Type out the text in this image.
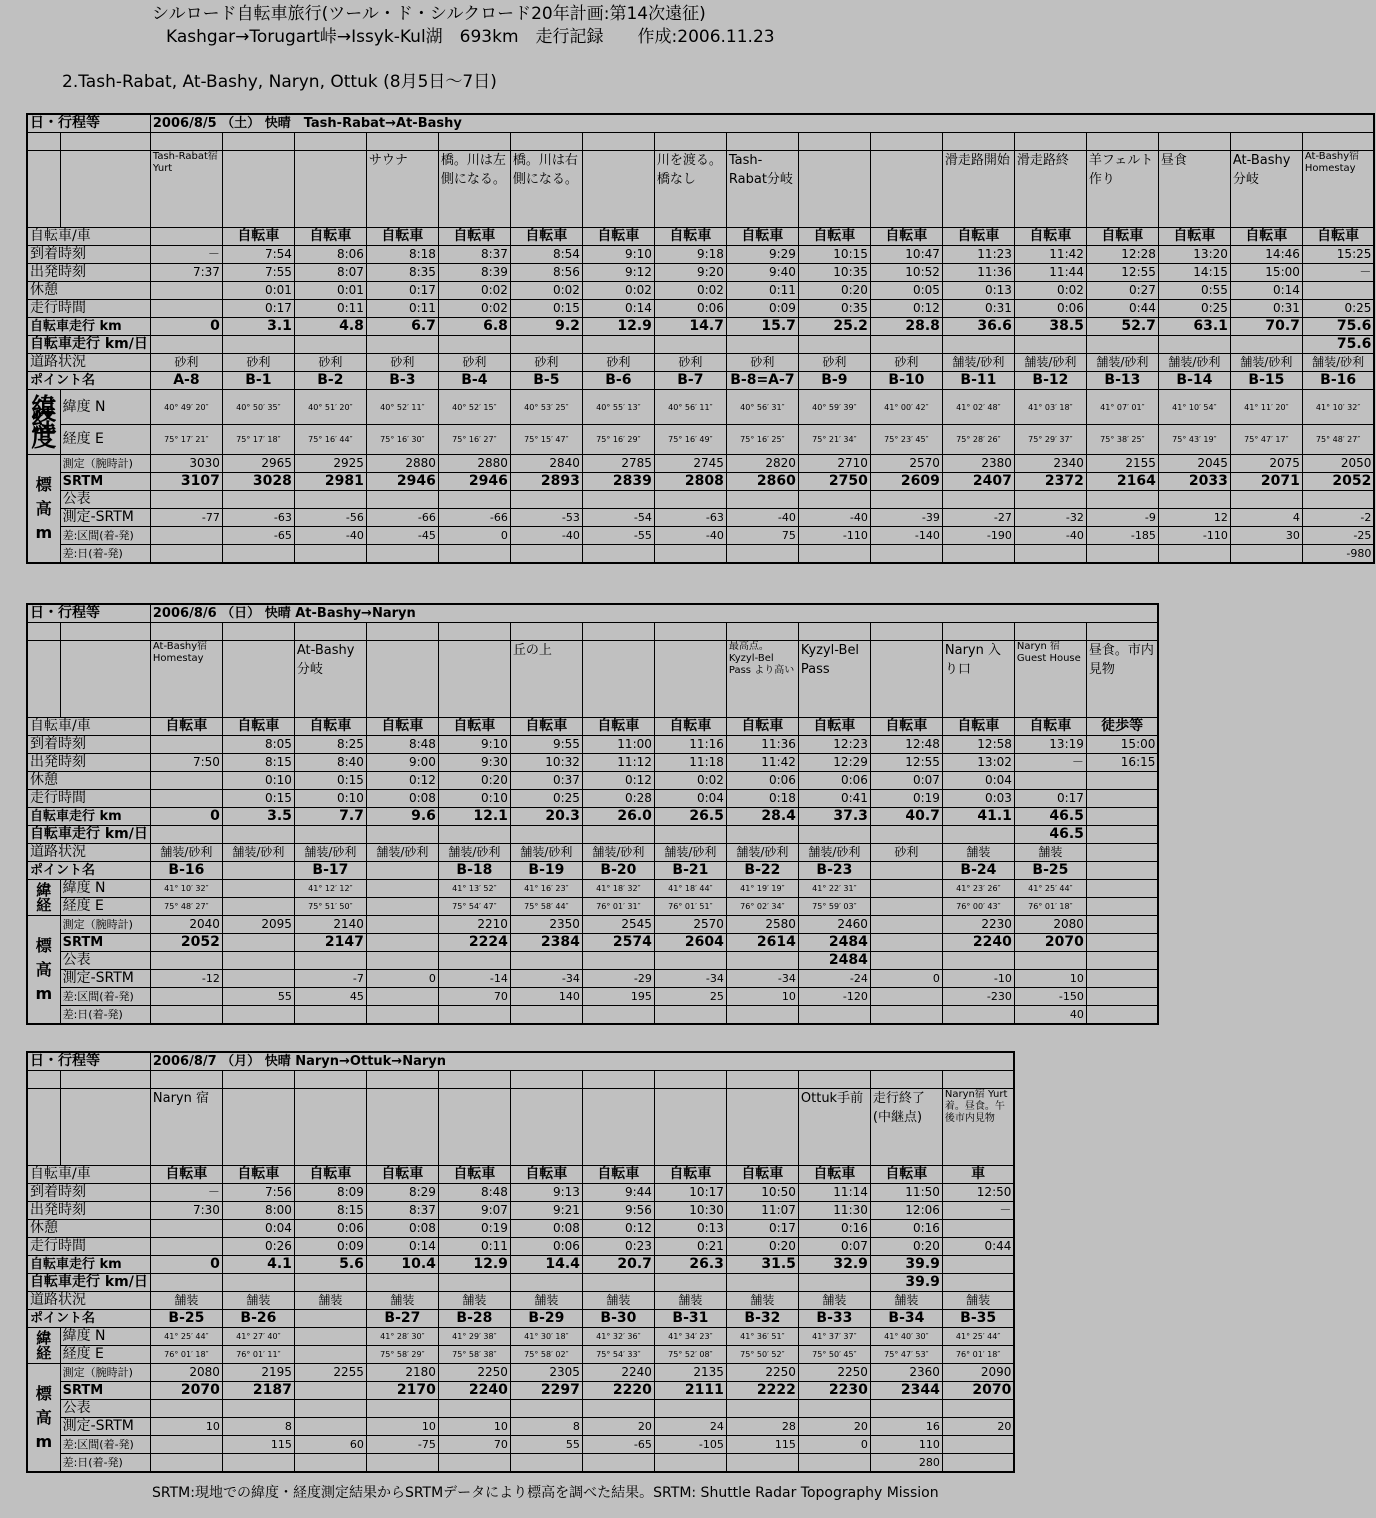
シルロード自転車旅行(ツール・ド・シルクロード20年計画:第14次遠征)
Kashgar→Torugart峠→Issyk-Kul湖　693km　走行記録　　作成:2006.11.23
2.Tash-Rabat, At-Bashy, Naryn, Ottuk (8月5日〜7日)
日・行程等		2006/8/5 （土） 快晴　Tash-Rabat→At-Bashy																

		Tash-Rabat宿 Yurt			サウナ	橋。川は左側になる。	橋。川は右側になる。		川を渡る。橋なし	Tash-Rabat分岐			滑走路開始	滑走路終	羊フェルト作り	昼食	At-Bashy分岐	At-Bashy宿 Homestay
自転車/車			自転車	自転車	自転車	自転車	自転車	自転車	自転車	自転車	自転車	自転車	自転車	自転車	自転車	自転車	自転車	自転車
到着時刻		－	7:54	8:06	8:18	8:37	8:54	9:10	9:18	9:29	10:15	10:47	11:23	11:42	12:28	13:20	14:46	15:25
出発時刻		7:37	7:55	8:07	8:35	8:39	8:56	9:12	9:20	9:40	10:35	10:52	11:36	11:44	12:55	14:15	15:00	－
休憩			0:01	0:01	0:17	0:02	0:02	0:02	0:02	0:11	0:20	0:05	0:13	0:02	0:27	0:55	0:14	
走行時間			0:17	0:11	0:11	0:02	0:15	0:14	0:06	0:09	0:35	0:12	0:31	0:06	0:44	0:25	0:31	0:25
自転車走行 km		0	3.1	4.8	6.7	6.8	9.2	12.9	14.7	15.7	25.2	28.8	36.6	38.5	52.7	63.1	70.7	75.6
自転車走行 km/日																		75.6
道路状況		砂利	砂利	砂利	砂利	砂利	砂利	砂利	砂利	砂利	砂利	砂利	舗装/砂利	舗装/砂利	舗装/砂利	舗装/砂利	舗装/砂利	舗装/砂利
ポイント名		A-8	B-1	B-2	B-3	B-4	B-5	B-6	B-7	B-8=A-7	B-9	B-10	B-11	B-12	B-13	B-14	B-15	B-16
緯経度	緯度 N	40° 49′ 20″	40° 50′ 35″	40° 51′ 20″	40° 52′ 11″	40° 52′ 15″	40° 53′ 25″	40° 55′ 13″	40° 56′ 11″	40° 56′ 31″	40° 59′ 39″	41° 00′ 42″	41° 02′ 48″	41° 03′ 18″	41° 07′ 01″	41° 10′ 54″	41° 11′ 20″	41° 10′ 32″
	経度 E	75° 17′ 21″	75° 17′ 18″	75° 16′ 44″	75° 16′ 30″	75° 16′ 27″	75° 15′ 47″	75° 16′ 29″	75° 16′ 49″	75° 16′ 25″	75° 21′ 34″	75° 23′ 45″	75° 28′ 26″	75° 29′ 37″	75° 38′ 25″	75° 43′ 19″	75° 47′ 17″	75° 48′ 27″
標高m	測定（腕時計)	3030	2965	2925	2880	2880	2840	2785	2745	2820	2710	2570	2380	2340	2155	2045	2075	2050
	SRTM	3107	3028	2981	2946	2946	2893	2839	2808	2860	2750	2609	2407	2372	2164	2033	2071	2052
	公表																	
	測定-SRTM	-77	-63	-56	-66	-66	-53	-54	-63	-40	-40	-39	-27	-32	-9	12	4	-2
	差:区間(着-発)		-65	-40	-45	0	-40	-55	-40	75	-110	-140	-190	-40	-185	-110	30	-25
	差:日(着-発)																	-980
日・行程等		2006/8/6 （日） 快晴 At-Bashy→Naryn													

		At-Bashy宿 Homestay		At-Bashy分岐			丘の上			最高点。Kyzyl-Bel Pass より高い	Kyzyl-Bel Pass		Naryn 入り口	Naryn 宿 Guest House	昼食。市内見物
自転車/車		自転車	自転車	自転車	自転車	自転車	自転車	自転車	自転車	自転車	自転車	自転車	自転車	自転車	徒歩等
到着時刻			8:05	8:25	8:48	9:10	9:55	11:00	11:16	11:36	12:23	12:48	12:58	13:19	15:00
出発時刻		7:50	8:15	8:40	9:00	9:30	10:32	11:12	11:18	11:42	12:29	12:55	13:02	－	16:15
休憩			0:10	0:15	0:12	0:20	0:37	0:12	0:02	0:06	0:06	0:07	0:04		
走行時間			0:15	0:10	0:08	0:10	0:25	0:28	0:04	0:18	0:41	0:19	0:03	0:17	
自転車走行 km		0	3.5	7.7	9.6	12.1	20.3	26.0	26.5	28.4	37.3	40.7	41.1	46.5	
自転車走行 km/日														46.5	
道路状況		舗装/砂利	舗装/砂利	舗装/砂利	舗装/砂利	舗装/砂利	舗装/砂利	舗装/砂利	舗装/砂利	舗装/砂利	舗装/砂利	砂利	舗装	舗装	
ポイント名		B-16		B-17		B-18	B-19	B-20	B-21	B-22	B-23		B-24	B-25	
緯経	緯度 N	41° 10′ 32″		41° 12′ 12″		41° 13′ 52″	41° 16′ 23″	41° 18′ 32″	41° 18′ 44″	41° 19′ 19″	41° 22′ 31″		41° 23′ 26″	41° 25′ 44″	
	経度 E	75° 48′ 27″		75° 51′ 50″		75° 54′ 47″	75° 58′ 44″	76° 01′ 31″	76° 01′ 51″	76° 02′ 34″	75° 59′ 03″		76° 00′ 43″	76° 01′ 18″	
標高m	測定（腕時計)	2040	2095	2140		2210	2350	2545	2570	2580	2460		2230	2080	
	SRTM	2052		2147		2224	2384	2574	2604	2614	2484		2240	2070	
	公表										2484				
	測定-SRTM	-12		-7	0	-14	-34	-29	-34	-34	-24	0	-10	10	
	差:区間(着-発)		55	45		70	140	195	25	10	-120		-230	-150	
	差:日(着-発)													40	
日・行程等		2006/8/7 （月） 快晴 Naryn→Ottuk→Naryn											

		Naryn 宿									Ottuk手前	走行終了(中継点)	Naryn宿 Yurt着。昼食。午後市内見物
自転車/車		自転車	自転車	自転車	自転車	自転車	自転車	自転車	自転車	自転車	自転車	自転車	車
到着時刻		－	7:56	8:09	8:29	8:48	9:13	9:44	10:17	10:50	11:14	11:50	12:50
出発時刻		7:30	8:00	8:15	8:37	9:07	9:21	9:56	10:30	11:07	11:30	12:06	－
休憩			0:04	0:06	0:08	0:19	0:08	0:12	0:13	0:17	0:16	0:16	
走行時間			0:26	0:09	0:14	0:11	0:06	0:23	0:21	0:20	0:07	0:20	0:44
自転車走行 km		0	4.1	5.6	10.4	12.9	14.4	20.7	26.3	31.5	32.9	39.9	
自転車走行 km/日												39.9	
道路状況		舗装	舗装	舗装	舗装	舗装	舗装	舗装	舗装	舗装	舗装	舗装	舗装
ポイント名		B-25	B-26		B-27	B-28	B-29	B-30	B-31	B-32	B-33	B-34	B-35
緯経	緯度 N	41° 25′ 44″	41° 27′ 40″		41° 28′ 30″	41° 29′ 38″	41° 30′ 18″	41° 32′ 36″	41° 34′ 23″	41° 36′ 51″	41° 37′ 37″	41° 40′ 30″	41° 25′ 44″
	経度 E	76° 01′ 18″	76° 01′ 11″		75° 58′ 29″	75° 58′ 38″	75° 58′ 02″	75° 54′ 33″	75° 52′ 08″	75° 50′ 52″	75° 50′ 45″	75° 47′ 53″	76° 01′ 18″
標高m	測定（腕時計)	2080	2195	2255	2180	2250	2305	2240	2135	2250	2250	2360	2090
	SRTM	2070	2187		2170	2240	2297	2220	2111	2222	2230	2344	2070
	公表												
	測定-SRTM	10	8		10	10	8	20	24	28	20	16	20
	差:区間(着-発)		115	60	-75	70	55	-65	-105	115	0	110	
	差:日(着-発)											280	
SRTM:現地での緯度・経度測定結果からSRTMデータにより標高を調べた結果。SRTM: Shuttle Radar Topography Mission
